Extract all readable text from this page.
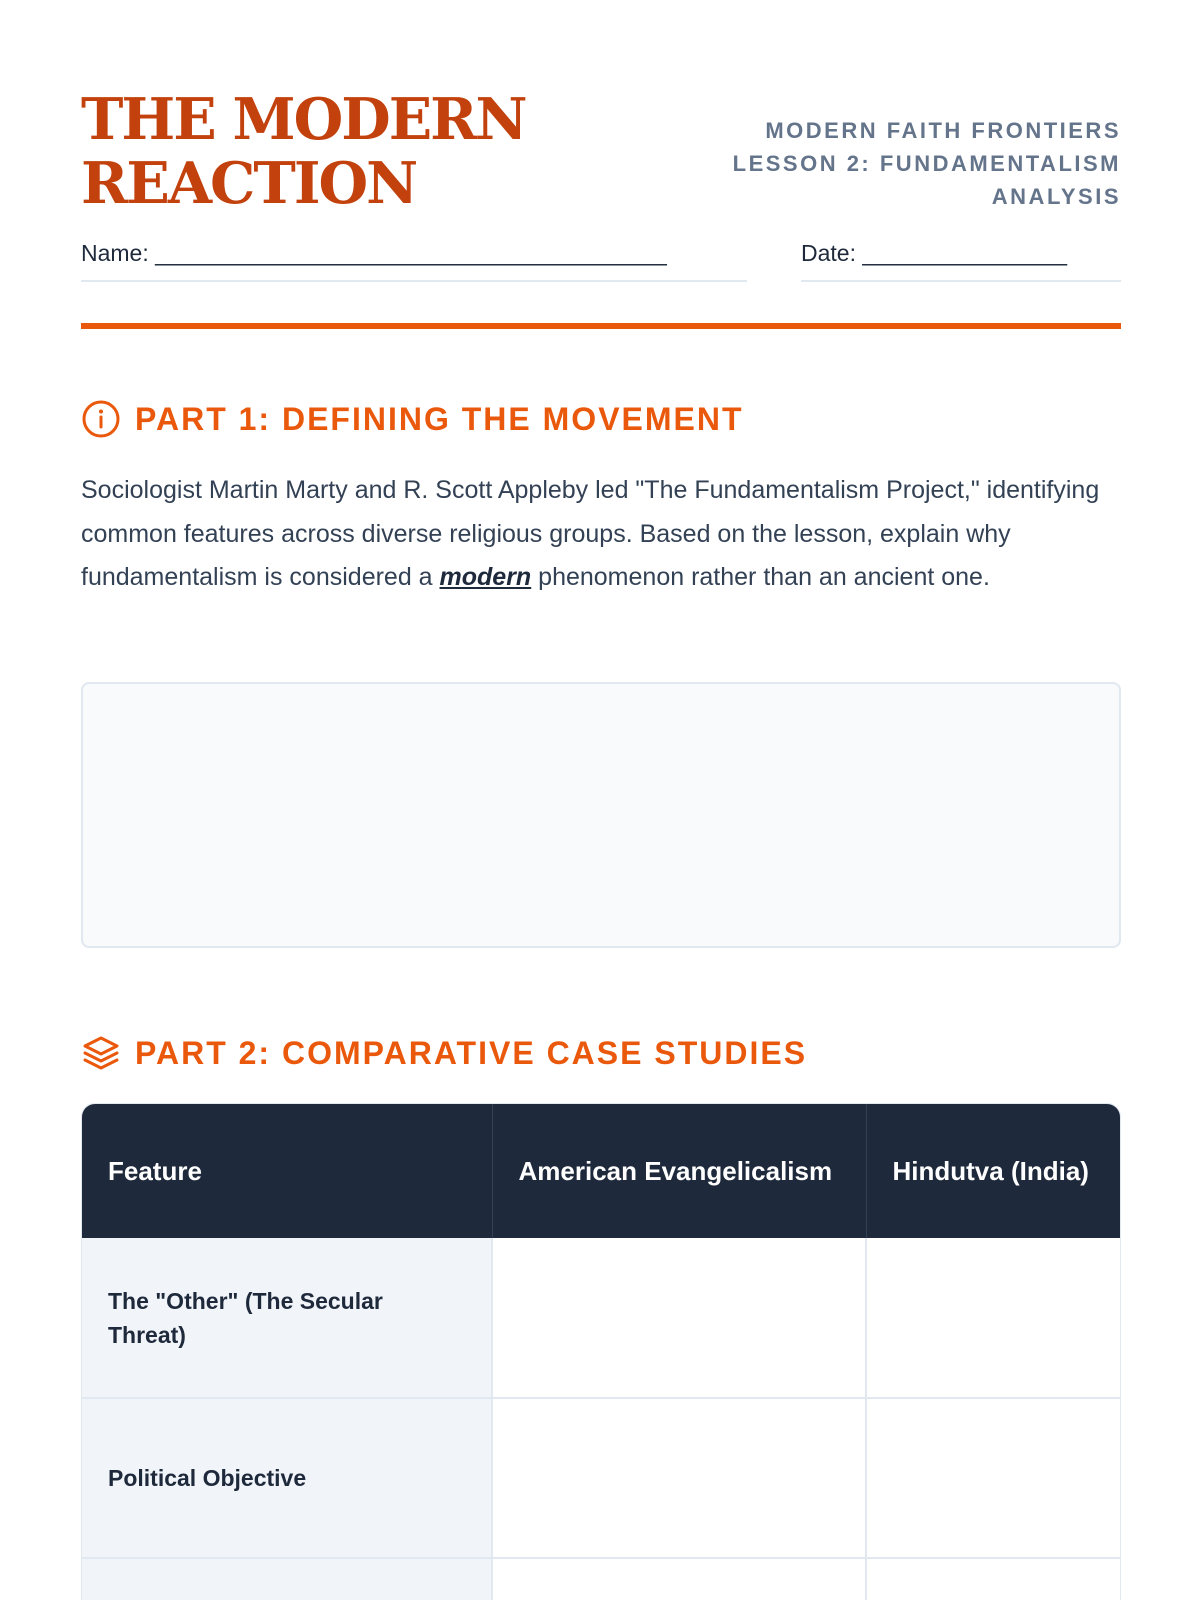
THE MODERN
REACTION
MODERN FAITH FRONTIERS
LESSON 2: FUNDAMENTALISM
ANALYSIS
Name: ________________________________________	Date: ________________
PART 1: DEFINING THE MOVEMENT

Sociologist Martin Marty and R. Scott Appleby led "The Fundamentalism Project," identifying common features across diverse religious groups. Based on the lesson, explain why fundamentalism is considered a modern phenomenon rather than an ancient one.

PART 2: COMPARATIVE CASE STUDIES
Feature	American Evangelicalism	Hindutva (India)
The "Other" (The Secular Threat)		
Political Objective		
